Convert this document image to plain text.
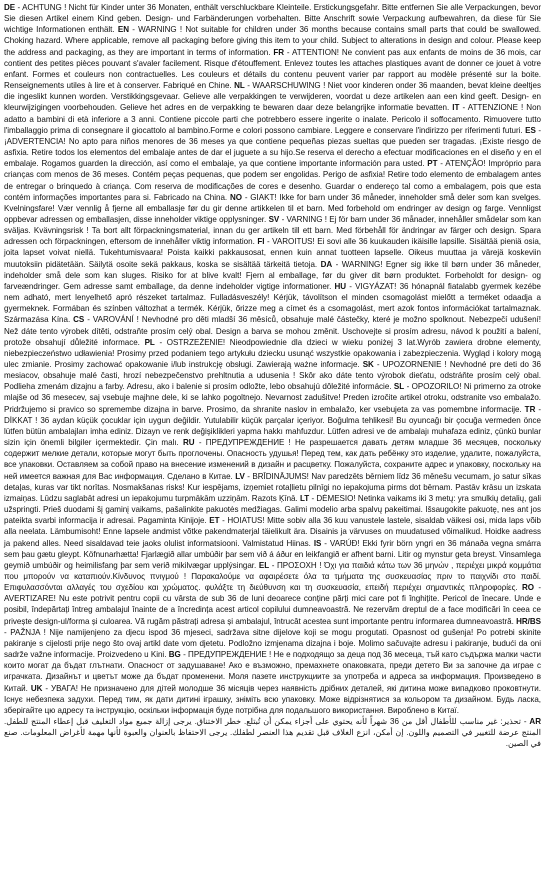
DE - ACHTUNG ! Nicht für Kinder unter 36 Monaten, enthält verschluckbare Kleinteile. Erstickungsgefahr. Bitte entfernen Sie alle Verpackungen, bevor Sie diesen Artikel einem Kind geben. Design- und Farbänderungen vorbehalten. Bitte Anschrift sowie Verpackung aufbewahren, da diese für Sie wichtige Informationen enthält. EN - WARNING ! Not suitable for children under 36 months because contains small parts that could be swallowed. Choking hazard. Where applicable, remove all packaging before giving this item to your child. Subject to alterations in design and colour. Please keep the address and packaging, as they are important in terms of information. FR - ATTENTION! Ne convient pas aux enfants de moins de 36 mois, car contient des petites pièces pouvant s'avaler facilement. Risque d'étouffement. Enlevez toutes les attaches plastiques avant de donner ce jouet à votre enfant. Formes et couleurs non contractuelles. Les couleurs et détails du contenu peuvent varier par rapport au modèle présenté sur la boite. Renseignements utiles à lire et à conserver. Fabriqué en Chine. NL - WAARSCHUWING ! Niet voor kinderen onder 36 maanden, bevat kleine deeltjes die ingeslikt kunnen worden. Verstikkingsgevaar. Gelieve alle verpakkingen te verwijderen, voordat u deze artikelen aan een kind geeft. Design- en kleurwijzigingen voorbehouden. Gelieve het adres en de verpakking te bewaren daar deze belangrijke informatie bevatten. IT - ATTENZIONE ! Non adatto a bambini di età inferiore a 3 anni. Contiene piccole parti che potrebbero essere ingerite o inalate. Pericolo il soffocamento. Rimuovere tutto l'imballaggio prima di consegnare il giocattolo al bambino.Forme e colori possono cambiare. Leggere e conservare l'indirizzo per riferimenti futuri. ES - ¡ADVERTENCIA! No apto para niños menores de 36 meses ya que contiene pequeñas piezas sueltas que pueden ser tragadas. ¡Existe riesgo de asfixia. Retire todos los elementos del embalaje antes de dar el juguete a su hijo.Se reserva el derecho a efectuar modificaciones en el diseño y en el embalaje. Rogamos guarden la dirección, así como el embalaje, ya que contiene importante información para usted. PT - ATENÇÃO! Impróprio para crianças com menos de 36 meses. Contém peças pequenas, que podem ser engolidas. Perigo de asfixia! Retire todo elemento de embalagem antes de entregar o brinquedo à criança. Com reserva de modificações de cores e desenho. Guardar o endereço tal como a embalagem, pois que esta contém informações importantes para si. Fabricado na China. NO - GIAKT! Ikke for barn under 36 måneder, inneholder små deler som kan svelges. Kvelningsfare! Vær vennlig å fjerne all emballasje før du gir denne artikkelen til et barn. Med forbehold om endringer av design og farge. Vennligst oppbevar adressen og emballasjen, disse inneholder viktige opplysninger. SV - VARNING ! Ej för barn under 36 månader, innehåller smådelar som kan sväljas. Kvävningsrisk ! Ta bort allt förpackningsmaterial, innan du ger artikeln till ett barn. Med förbehåll för ändringar av färger och design. Spara adressen och förpackningen, eftersom de innehåller viktig information. FI - VAROITUS! Ei sovi alle 36 kuukauden ikäisille lapsille. Sisältää pieniä osia, joita lapset voivat niellä. Tukehtumisvaara! Poista kaikki pakkausosat, ennen kuin annat tuotteen lapselle. Oikeus muuttaa ja värejä koskeviin muutoksiin pidätetään. Säilytä osoite sekä pakkaus, koska se sisältää tärkeitä tietoja. DA - WARNING! Egner sig ikke til børn under 36 måneder, indeholder små dele som kan sluges. Risiko for at blive kvalt! Fjern al emballage, før du giver dit børn produktet. Forbeholdt for design- og farveændringer. Gem adresse samt emballage, da denne indeholder vigtige informationer. HU - VIGYÁZAT! 36 hónapnál fiatalabb gyermek kezébe nem adható, mert lenyelhető apró részeket tartalmaz. Fulladásveszély! Kérjük, távolítson el minden csomagolást mielőtt a terméket odaadja a gyermeknek. Formában és színben változhat a termék. Kérjük, őrizze meg a címet és a csomagolást, mert azok fontos információkat tartalmaznak. Származása Kína. CS - VAROVÁNÍ ! Nevhodné pro děti mladší 36 měsíců, obsahuje malé částečky, které je možno spolknout. Nebezpečí udušení! Než dáte tento výrobek dítěti, odstraňte prosím celý obal. Design a barva se mohou změnit. Uschovejte si prosím adresu, návod k použití a balení, protože obsahují důležité informace. PL - OSTRZEŻENIE! Nieodpowiednie dla dzieci w wieku poniżej 3 lat.Wyrób zawiera drobne elementy, niebezpieczeństwo udławienia! Prosimy przed podaniem tego artykułu dziecku usunąć wszystkie opakowania i zabezpieczenia. Wygląd i kolory mogą ulec zmianie. Prosimy zachować opakowanie i/lub instrukcję obsługi. Zawierają ważne informacje. SK - UPOZORNENIE ! Nevhodné pre deti do 36 mesiacov, obsahuje malé časti, hrozí nebezpečenstvo prehltnutia a udusenia ! Skôr ako dáte tento výrobok dieťatu, odstráňte prosím celý obal. Podlieha zmenám dizajnu a farby. Adresu, ako i balenie si prosím odložte, lebo obsahujú dôležité informácie. SL - OPOZORILO! Ni primerno za otroke mlajše od 36 mesecev, saj vsebuje majhne dele, ki se lahko pogoltnejo. Nevarnost zadušitve! Preden izročite artikel otroku, odstranite vso embalažo. Pridržujemo si pravico so spremembe dizajna in barve. Prosimo, da shranite naslov in embalažo, ker vsebujeta za vas pomembne informacije. TR - DİKKAT ! 36 aydan küçük çocuklar için uygun değildir. Yutulabilir küçük parçalar içeriyor. Boğulma tehlikesi! Bu oyuncağı bir çocuğa vermeden önce lütfen bütün ambalajları imha ediniz. Dizayn ve renk değişiklikleri yapma hakkı mahfuzdur. Lütfen adresi ve de ambalajı muhafaza ediniz, çünkü bunlar sizin için önemli bilgiler içermektedir. Çin malı. RU - ПРЕДУПРЕЖДЕНИЕ ! Не разрешается давать детям младше 36 месяцев, поскольку содержит мелкие детали, которые могут быть проглочены. Опасность удушья! Перед тем, как дать ребёнку это изделие, удалите, пожалуйста, все упаковки. Оставляем за собой право на внесение изменений в дизайн и расцветку. Пожалуйста, сохраните адрес и упаковку, поскольку на ней имеется важная для Вас информация. Сделано в Китае. LV - BRĪDINĀJUMS! Nav paredzēts bērniem līdz 36 mēnešu vecumam, jo satur sīkas detaļas, kuras var tikt norītas. Nosmakšanas risks! Kur iespējams, izņemiet rotaļlietu pilnīgi no iepakojuma pirms dot bērnam. Pastāv krāsu un izskata izmaiņas. Lūdzu saglabāt adresi un iepakojumu turpmākām uzziņām. Razots Ķīnā. LT - DĖMESIO! Netinka vaikams iki 3 metų: yra smulkių detalių, gali užspringti. Prieš duodami šį gaminį vaikams, pašalinkite pakuotės medžiagas. Galimi modelio arba spalvų pakeitimai. Išsaugokite pakuotę, nes ant jos pateikta svarbi informacija ir adresai. Pagaminta Kinijoje. ET - HOIATUS! Mitte sobiv alla 36 kuu vanustele lastele, sisaldab väikesi osi, mida laps võib alla neelata. Lämbumisoht! Enne lapsele andmist võtke pakendmaterjal täielikult ära. Disainis ja värvuses on muudatused võimalikud. Hoidke aadress ja pakend alles. Need sisaldavad teie jaoks olulist informatsiooni. Valmistatud Hiinas. IS - VARÚÐ! Ekki fyrir börn yngri en 36 mánaða vegna smárra sem þau gætu gleypt. Köfnunarhætta! Fjarlægið allar umbúðir þar sem við á áður en leikfangið er afhent barni. Litir og mynstur geta breyst. Vinsamlega geymið umbúðir og heimilisfang þar sem verið mikilvægar upplýsingar. EL - ΠΡΟΣΟΧΗ ! Όχι για παιδιά κάτω των 36 μηνών , περιέχει μικρά κομμάτια που μπορούν να καταπιούν.Κίνδυνος πνιγμού ! Παρακαλούμε να αφαιρέσετε όλα τα τμήματα της συσκευασίας πριν το παιχνίδι στο παιδί. Επιφυλασσόνται αλλαγές του σχεδίου και χρώματος. φυλάξτε τη διεύθυνση και τη συσκευασία, επειδή περιέχει σημαντικές πληροφορίες. RO - AVERTIZARE! Nu este potrivit pentru copii cu vârsta de sub 36 de luni deoarece conține părți mici care pot fi înghițite. Pericol de înecare. Unde e posibil, îndepărtați întreg ambalajul înainte de a încredința acest articol copilului dumneavoastră. Ne rezervăm dreptul de a face modificări în ceea ce privește design-ul/forma și culoarea. Vă rugăm păstrați adresa și ambalajul, întrucât acestea sunt importante pentru informarea dumneavoastră. HR/BS - PAŽNJA ! Nije namijenjeno za djecu ispod 36 mjeseci, sadržava sitne dijelove koji se mogu progutati. Opasnost od gušenja! Po potrebi skinite pakiranje s cijelosti prije nego što ovaj artikl date vom djetetu. Podložno izmjenama dizajna i boje. Molimo sačuvajte adresu i pakiranje, budući da oni sadrže važne informacije. Proizvedeno u Kini. BG - ПРЕДУПРЕЖДЕНИЕ ! Не е подходящо за деца под 36 месеца, тъй като съдържа малки части които могат да бъдат глътнати. Опасност от задушаване! Ако е възможно, премахнете опаковката, преди детето Ви за започне да играе с играчката. Дизайнът и цветът може да бъдат променени. Моля пазете инструкциите за употреба и адреса за информация. Произведено в Китай. UK - УВАГА! Не призначено для дітей молодше 36 місяців через наявність дрібних деталей, які дитина може випадково проковтнути. Існує небезпека задухи. Перед тим, як дати дитині іграшку, зніміть всю упаковку. Може відрізнятися за кольором та дизайном. Будь ласка, зберігайте цю адресу та інструкцію, оскільки інформація буде потрібна для подальшого використання. Виробленo в Китаї.
AR - تحذير: غير مناسب للأطفال أقل من 36 شهراً لأنه يحتوي على أجزاء يمكن أن تُبتلع. خطر الاختناق. يرجى إزالة جميع مواد التغليف قبل إعطاء المنتج للطفل. المنتج عرضة للتغيير في التصميم واللون. إن أمكن، انزع الغلاف قبل تقديم هذا العنصر لطفلك. يرجى الاحتفاظ بالعنوان والعبوة لأنها مهمة لأغراض المعلومات. صنع في الصين.
